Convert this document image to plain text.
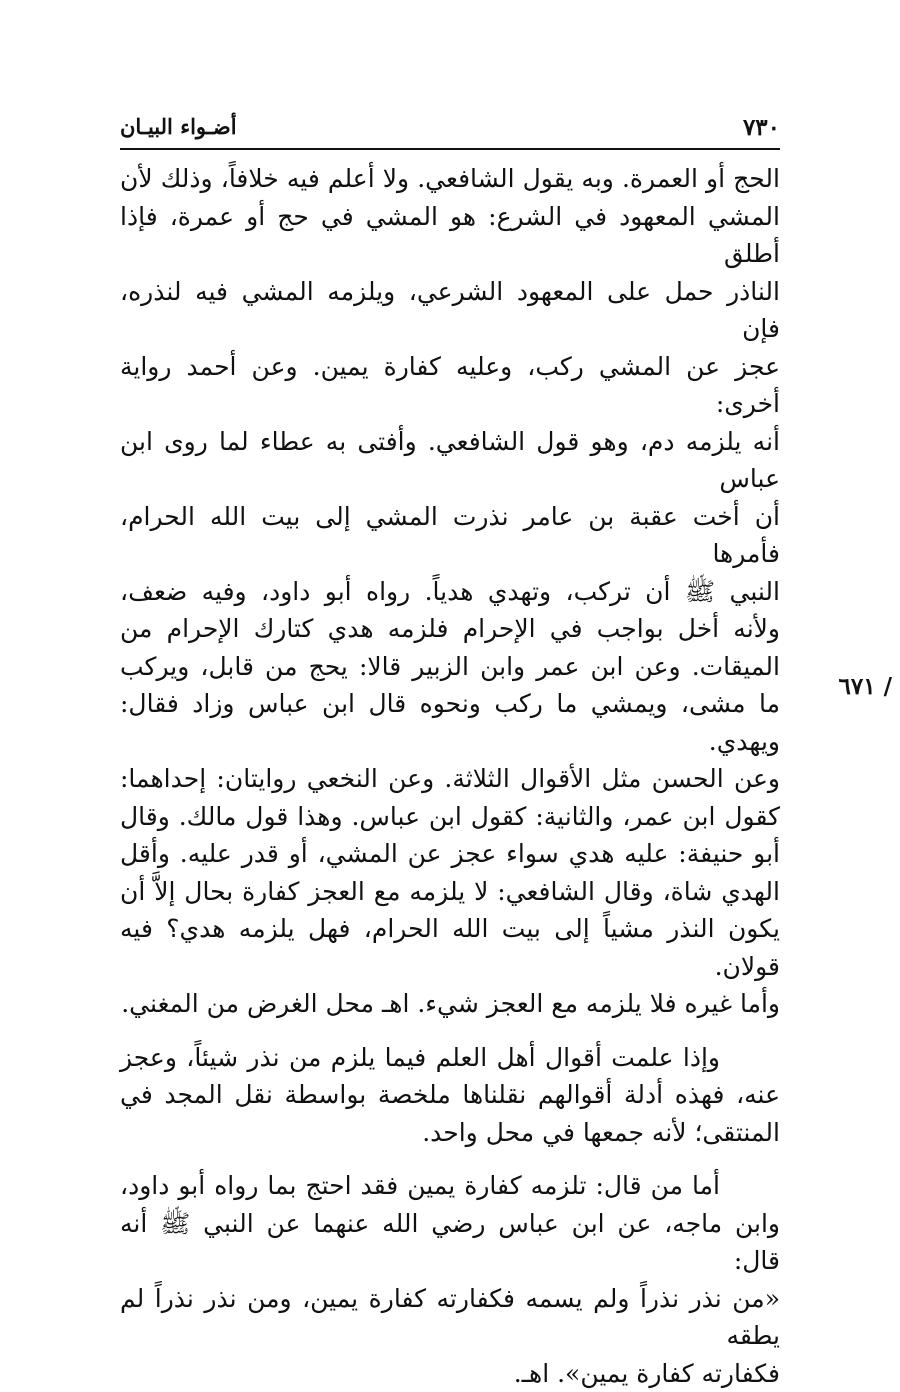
٧٣٠
أضـواء البيـان
٦٧١ /

الحج أو العمرة. وبه يقول الشافعي. ولا أعلم فيه خلافاً، وذلك لأن

المشي المعهود في الشرع: هو المشي في حج أو عمرة، فإذا أطلق

الناذر حمل على المعهود الشرعي، ويلزمه المشي فيه لنذره، فإن

عجز عن المشي ركب، وعليه كفارة يمين. وعن أحمد رواية أخرى:

أنه يلزمه دم، وهو قول الشافعي. وأفتى به عطاء لما روى ابن عباس

أن أخت عقبة بن عامر نذرت المشي إلى بيت الله الحرام، فأمرها

النبي ﷺ أن تركب، وتهدي هدياً. رواه أبو داود، وفيه ضعف،

ولأنه أخل بواجب في الإحرام فلزمه هدي كتارك الإحرام من

الميقات. وعن ابن عمر وابن الزبير قالا: يحج من قابل، ويركب

ما مشى، ويمشي ما ركب ونحوه قال ابن عباس وزاد فقال: ويهدي.

وعن الحسن مثل الأقوال الثلاثة. وعن النخعي روايتان: إحداهما:

كقول ابن عمر، والثانية: كقول ابن عباس. وهذا قول مالك. وقال

أبو حنيفة: عليه هدي سواء عجز عن المشي، أو قدر عليه. وأقل

الهدي شاة، وقال الشافعي: لا يلزمه مع العجز كفارة بحال إلاَّ أن

يكون النذر مشياً إلى بيت الله الحرام، فهل يلزمه هدي؟ فيه قولان.

وأما غيره فلا يلزمه مع العجز شيء. اهـ محل الغرض من المغني.

وإذا علمت أقوال أهل العلم فيما يلزم من نذر شيئاً، وعجز

عنه، فهذه أدلة أقوالهم نقلناها ملخصة بواسطة نقل المجد في

المنتقى؛ لأنه جمعها في محل واحد.

أما من قال: تلزمه كفارة يمين فقد احتج بما رواه أبو داود،

وابن ماجه، عن ابن عباس رضي الله عنهما عن النبي ﷺ أنه قال:

«من نذر نذراً ولم يسمه فكفارته كفارة يمين، ومن نذر نذراً لم يطقه

فكفارته كفارة يمين». اهـ.
